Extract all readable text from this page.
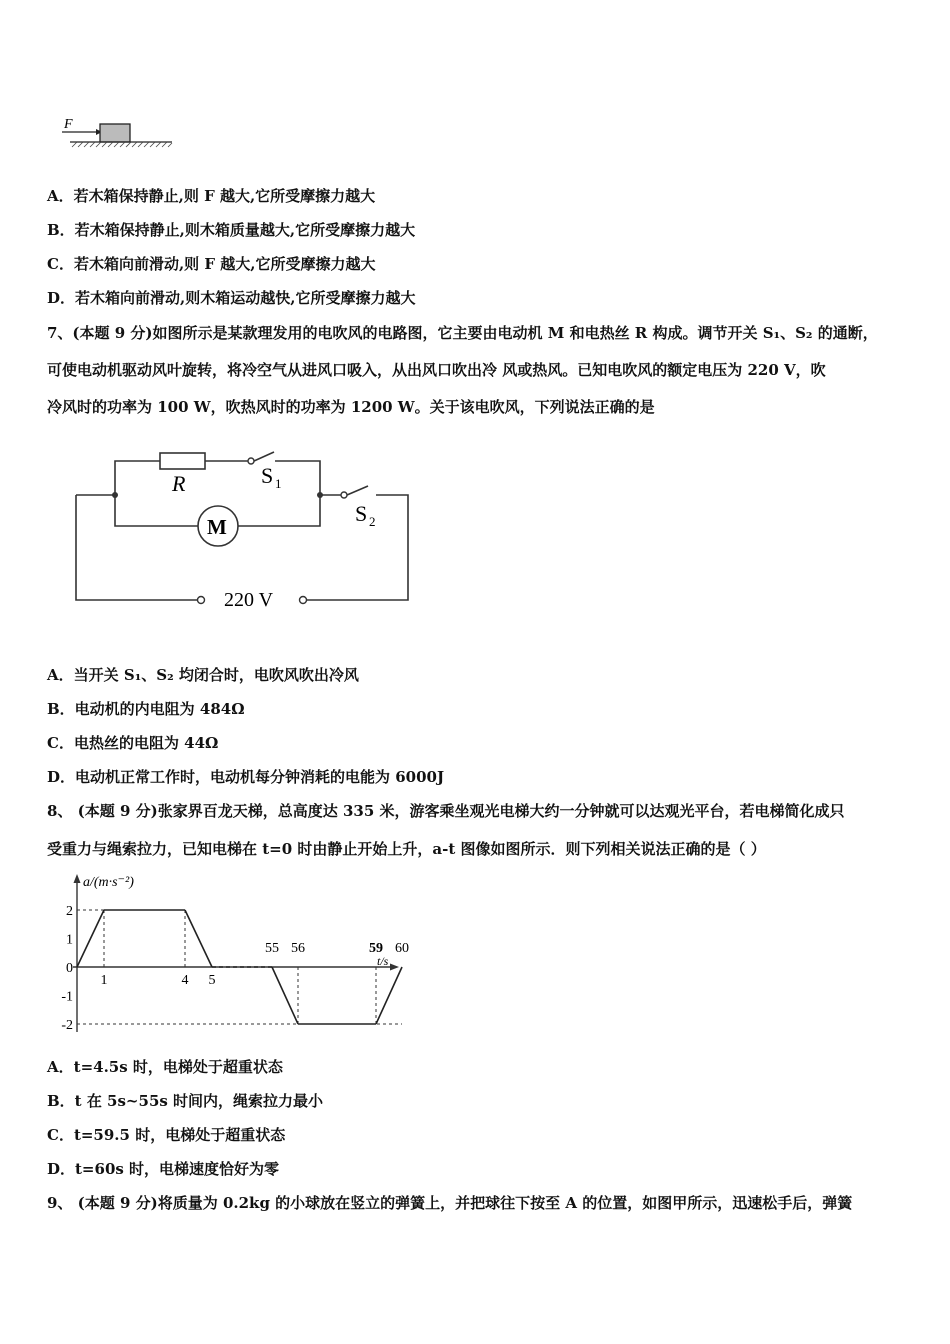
F
A．若木箱保持静止,则 F 越大,它所受摩擦力越大
B．若木箱保持静止,则木箱质量越大,它所受摩擦力越大
C．若木箱向前滑动,则 F 越大,它所受摩擦力越大
D．若木箱向前滑动,则木箱运动越快,它所受摩擦力越大
7、(本题 9 分)如图所示是某款理发用的电吹风的电路图，它主要由电动机 M 和电热丝 R 构成。调节开关 S₁、S₂ 的通断，
可使电动机驱动风叶旋转，将冷空气从进风口吸入，从出风口吹出冷 风或热风。已知电吹风的额定电压为 220 V，吹
冷风时的功率为 100 W，吹热风时的功率为 1200 W。关于该电吹风，下列说法正确的是
R	S 1
S 2
M
220 V
A．当开关 S₁、S₂ 均闭合时，电吹风吹出冷风
B．电动机的内电阻为 484Ω
C．电热丝的电阻为 44Ω
D．电动机正常工作时，电动机每分钟消耗的电能为 6000J
8、 (本题 9 分)张家界百龙天梯，总高度达 335 米，游客乘坐观光电梯大约一分钟就可以达观光平台，若电梯简化成只
受重力与绳索拉力，已知电梯在 t=0 时由静止开始上升，a-t 图像如图所示．则下列相关说法正确的是（ ）
a/(m·s⁻²)
t/s
2
1
0
-1
-2
1	4 5
55 56	59 60
A．t=4.5s 时，电梯处于超重状态
B．t 在 5s~55s 时间内，绳索拉力最小
C．t=59.5 时，电梯处于超重状态
D．t=60s 时，电梯速度恰好为零
9、 (本题 9 分)将质量为 0.2kg 的小球放在竖立的弹簧上，并把球往下按至 A 的位置，如图甲所示，迅速松手后，弹簧
